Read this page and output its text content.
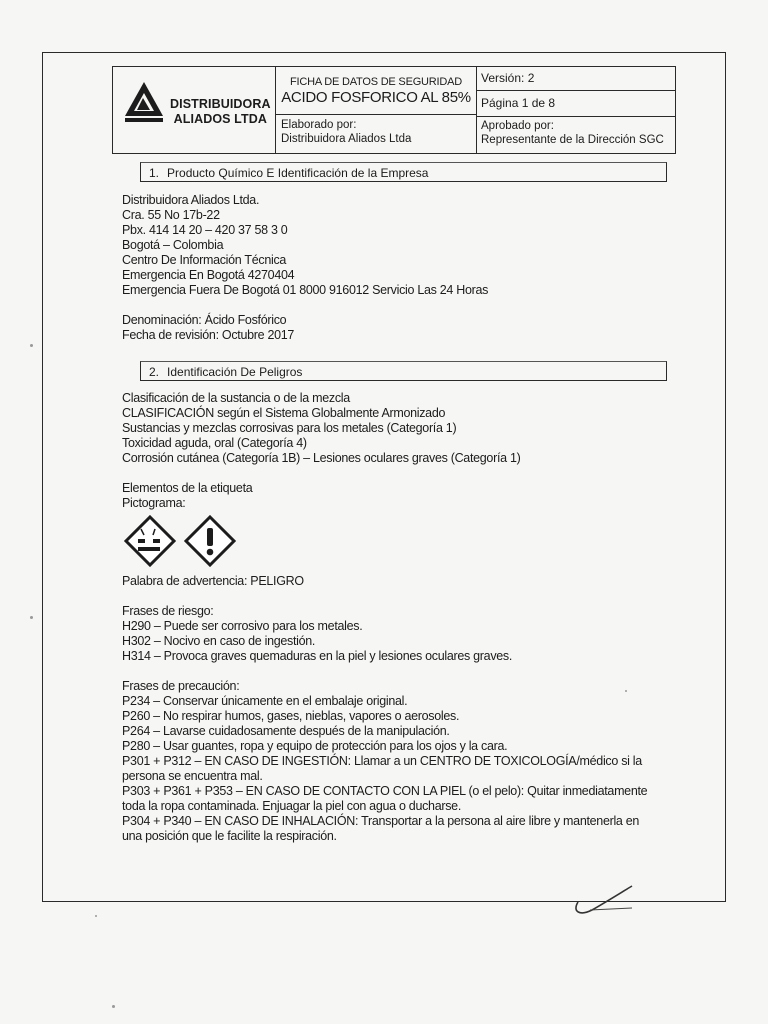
DISTRIBUIDORA
ALIADOS LTDA
FICHA DE DATOS DE SEGURIDAD
ACIDO FOSFORICO AL 85%
Elaborado por:
Distribuidora Aliados Ltda
Versión: 2
Página 1 de 8
Aprobado por:
Representante de la Dirección SGC
1. Producto Químico E Identificación de la Empresa
Distribuidora Aliados Ltda.
Cra. 55 No 17b-22
Pbx. 414 14 20 – 420 37 58 3 0
Bogotá – Colombia
Centro De Información Técnica
Emergencia En Bogotá 4270404
Emergencia Fuera De Bogotá 01 8000 916012 Servicio Las 24 Horas
Denominación: Ácido Fosfórico
Fecha de revisión: Octubre 2017
2. Identificación De Peligros
Clasificación de la sustancia o de la mezcla
CLASIFICACIÓN según el Sistema Globalmente Armonizado
Sustancias y mezclas corrosivas para los metales (Categoría 1)
Toxicidad aguda, oral (Categoría 4)
Corrosión cutánea (Categoría 1B) – Lesiones oculares graves (Categoría 1)
Elementos de la etiqueta
Pictograma:
Palabra de advertencia: PELIGRO
Frases de riesgo:
H290 – Puede ser corrosivo para los metales.
H302 – Nocivo en caso de ingestión.
H314 – Provoca graves quemaduras en la piel y lesiones oculares graves.
Frases de precaución:
P234 – Conservar únicamente en el embalaje original.
P260 – No respirar humos, gases, nieblas, vapores o aerosoles.
P264 – Lavarse cuidadosamente después de la manipulación.
P280 – Usar guantes, ropa y equipo de protección para los ojos y la cara.
P301 + P312 – EN CASO DE INGESTIÓN: Llamar a un CENTRO DE TOXICOLOGÍA/médico si la persona se encuentra mal.
P303 + P361 + P353 – EN CASO DE CONTACTO CON LA PIEL (o el pelo): Quitar inmediatamente toda la ropa contaminada. Enjuagar la piel con agua o ducharse.
P304 + P340 – EN CASO DE INHALACIÓN: Transportar a la persona al aire libre y mantenerla en una posición que le facilite la respiración.
